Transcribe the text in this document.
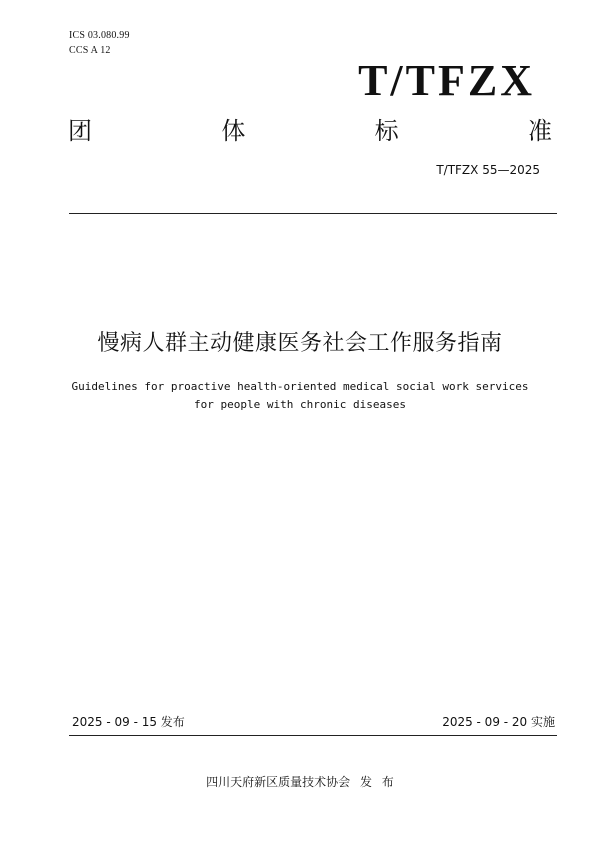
ICS 03.080.99
CCS A 12
T/TFZX
团	体	标	准
T/TFZX 55—2025
慢病人群主动健康医务社会工作服务指南
Guidelines for proactive health-oriented medical social work services
for people with chronic diseases
2025 - 09 - 15 发布	2025 - 09 - 20 实施
四川天府新区质量技术协会 发 布
